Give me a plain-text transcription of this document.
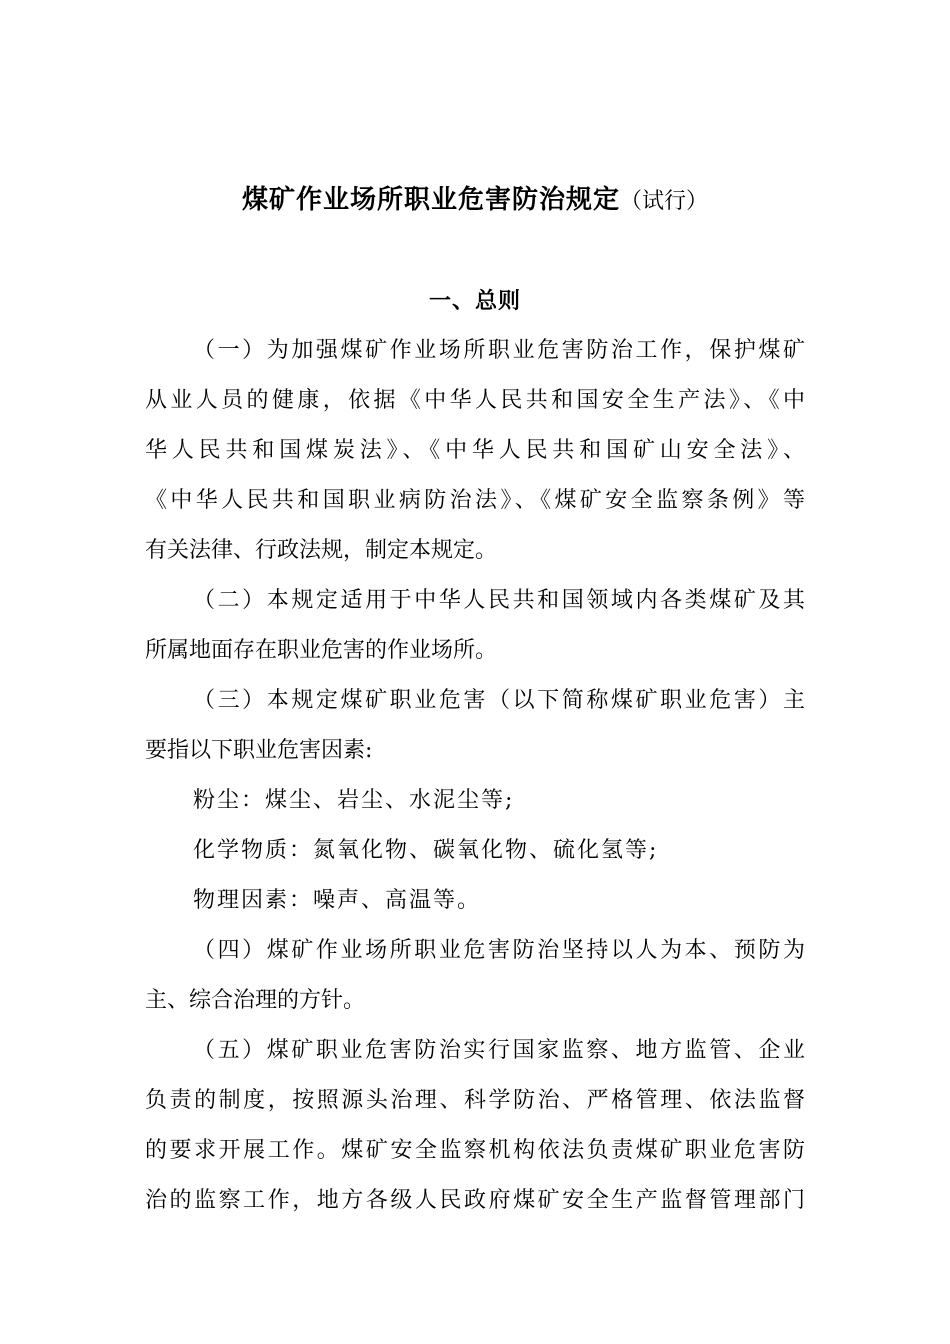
煤矿作业场所职业危害防治规定（试行）
一、总则
（一）为加强煤矿作业场所职业危害防治工作，保护煤矿
从业人员的健康，依据《中华人民共和国安全生产法》、《中
华人民共和国煤炭法》、《中华人民共和国矿山安全法》、
《中华人民共和国职业病防治法》、《煤矿安全监察条例》等
有关法律、行政法规，制定本规定。
（二）本规定适用于中华人民共和国领域内各类煤矿及其
所属地面存在职业危害的作业场所。
（三）本规定煤矿职业危害（以下简称煤矿职业危害）主
要指以下职业危害因素:
粉尘：煤尘、岩尘、水泥尘等;
化学物质：氮氧化物、碳氧化物、硫化氢等;
物理因素：噪声、高温等。
（四）煤矿作业场所职业危害防治坚持以人为本、预防为
主、综合治理的方针。
（五）煤矿职业危害防治实行国家监察、地方监管、企业
负责的制度，按照源头治理、科学防治、严格管理、依法监督
的要求开展工作。煤矿安全监察机构依法负责煤矿职业危害防
治的监察工作，地方各级人民政府煤矿安全生产监督管理部门
